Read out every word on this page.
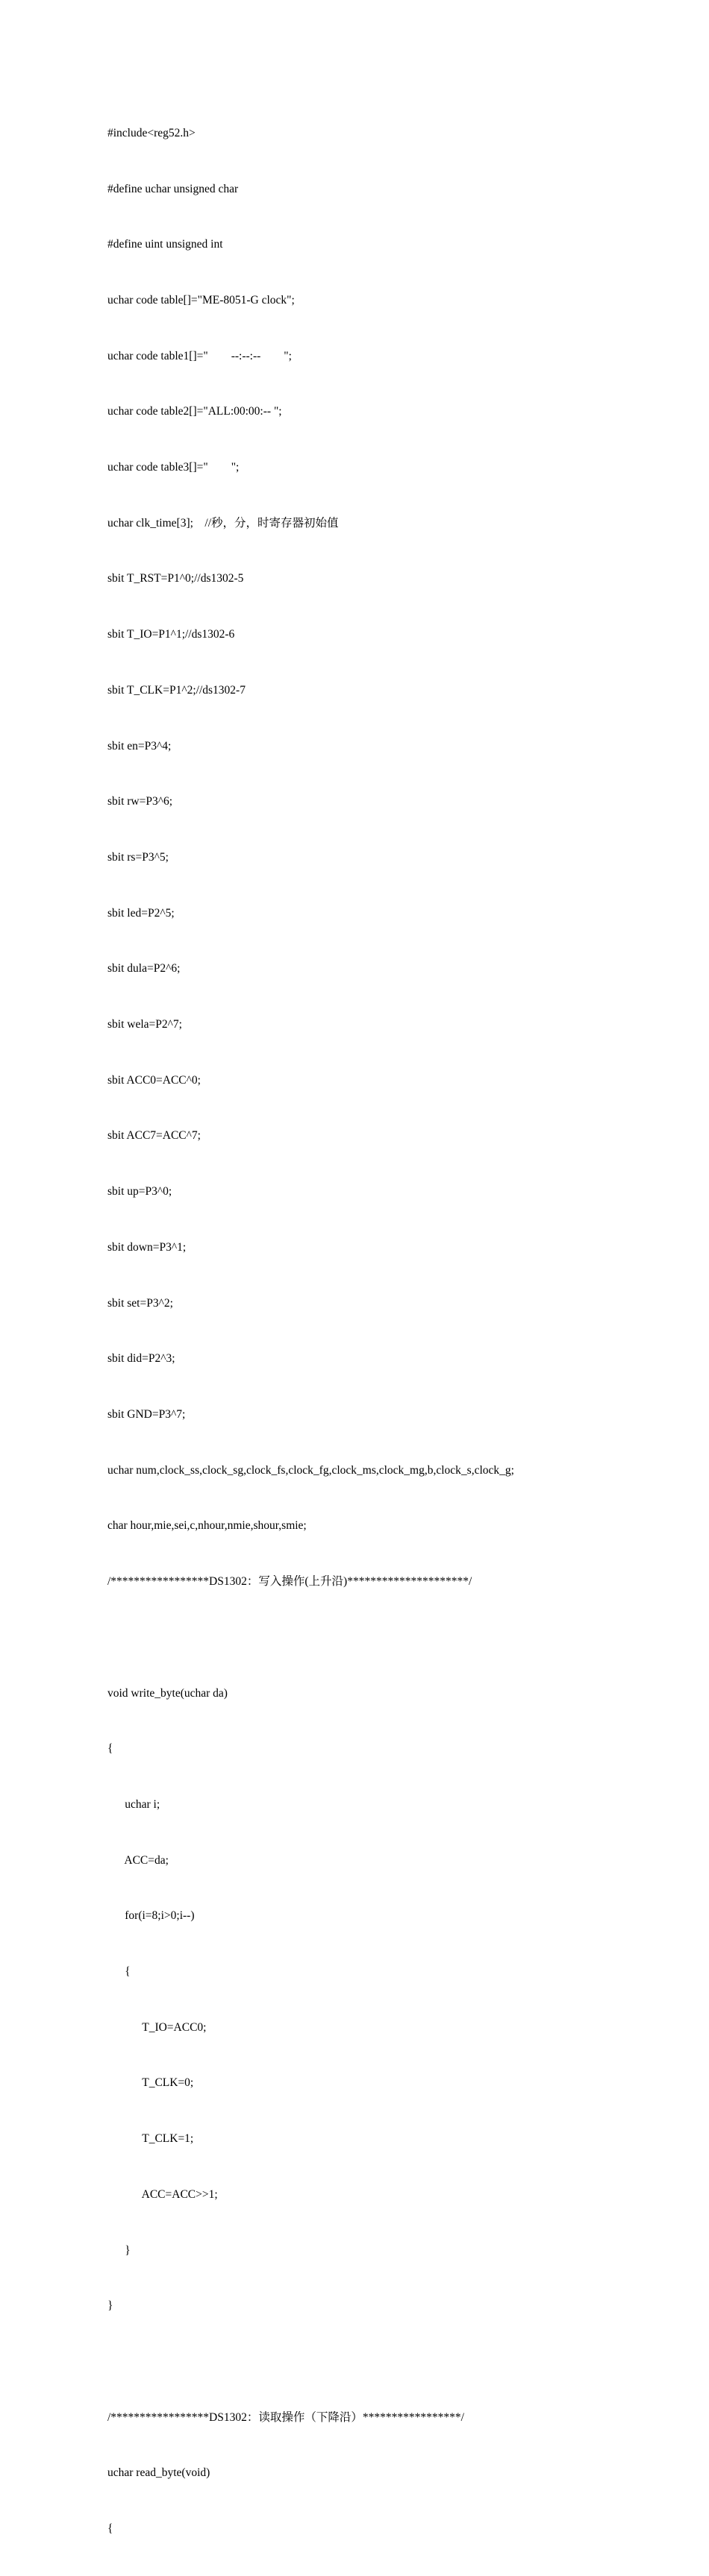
#include<reg52.h>

#define uchar unsigned char

#define uint unsigned int

uchar code table[]="ME-8051-G clock";

uchar code table1[]="        --:--:--        ";

uchar code table2[]="ALL:00:00:-- ";

uchar code table3[]="        ";

uchar clk_time[3];    //秒，分，时寄存器初始值

sbit T_RST=P1^0;//ds1302-5

sbit T_IO=P1^1;//ds1302-6

sbit T_CLK=P1^2;//ds1302-7

sbit en=P3^4;

sbit rw=P3^6;

sbit rs=P3^5;

sbit led=P2^5;

sbit dula=P2^6;

sbit wela=P2^7;

sbit ACC0=ACC^0;

sbit ACC7=ACC^7;

sbit up=P3^0;

sbit down=P3^1;

sbit set=P3^2;

sbit did=P2^3;

sbit GND=P3^7;

uchar num,clock_ss,clock_sg,clock_fs,clock_fg,clock_ms,clock_mg,b,clock_s,clock_g;

char hour,mie,sei,c,nhour,nmie,shour,smie;

/*****************DS1302：写入操作(上升沿)*********************/

void write_byte(uchar da)

{

uchar i;

ACC=da;

for(i=8;i>0;i--)

{

T_IO=ACC0;

T_CLK=0;

T_CLK=1;

ACC=ACC>>1;

}

}

/*****************DS1302：读取操作（下降沿）*****************/

uchar read_byte(void)

{
